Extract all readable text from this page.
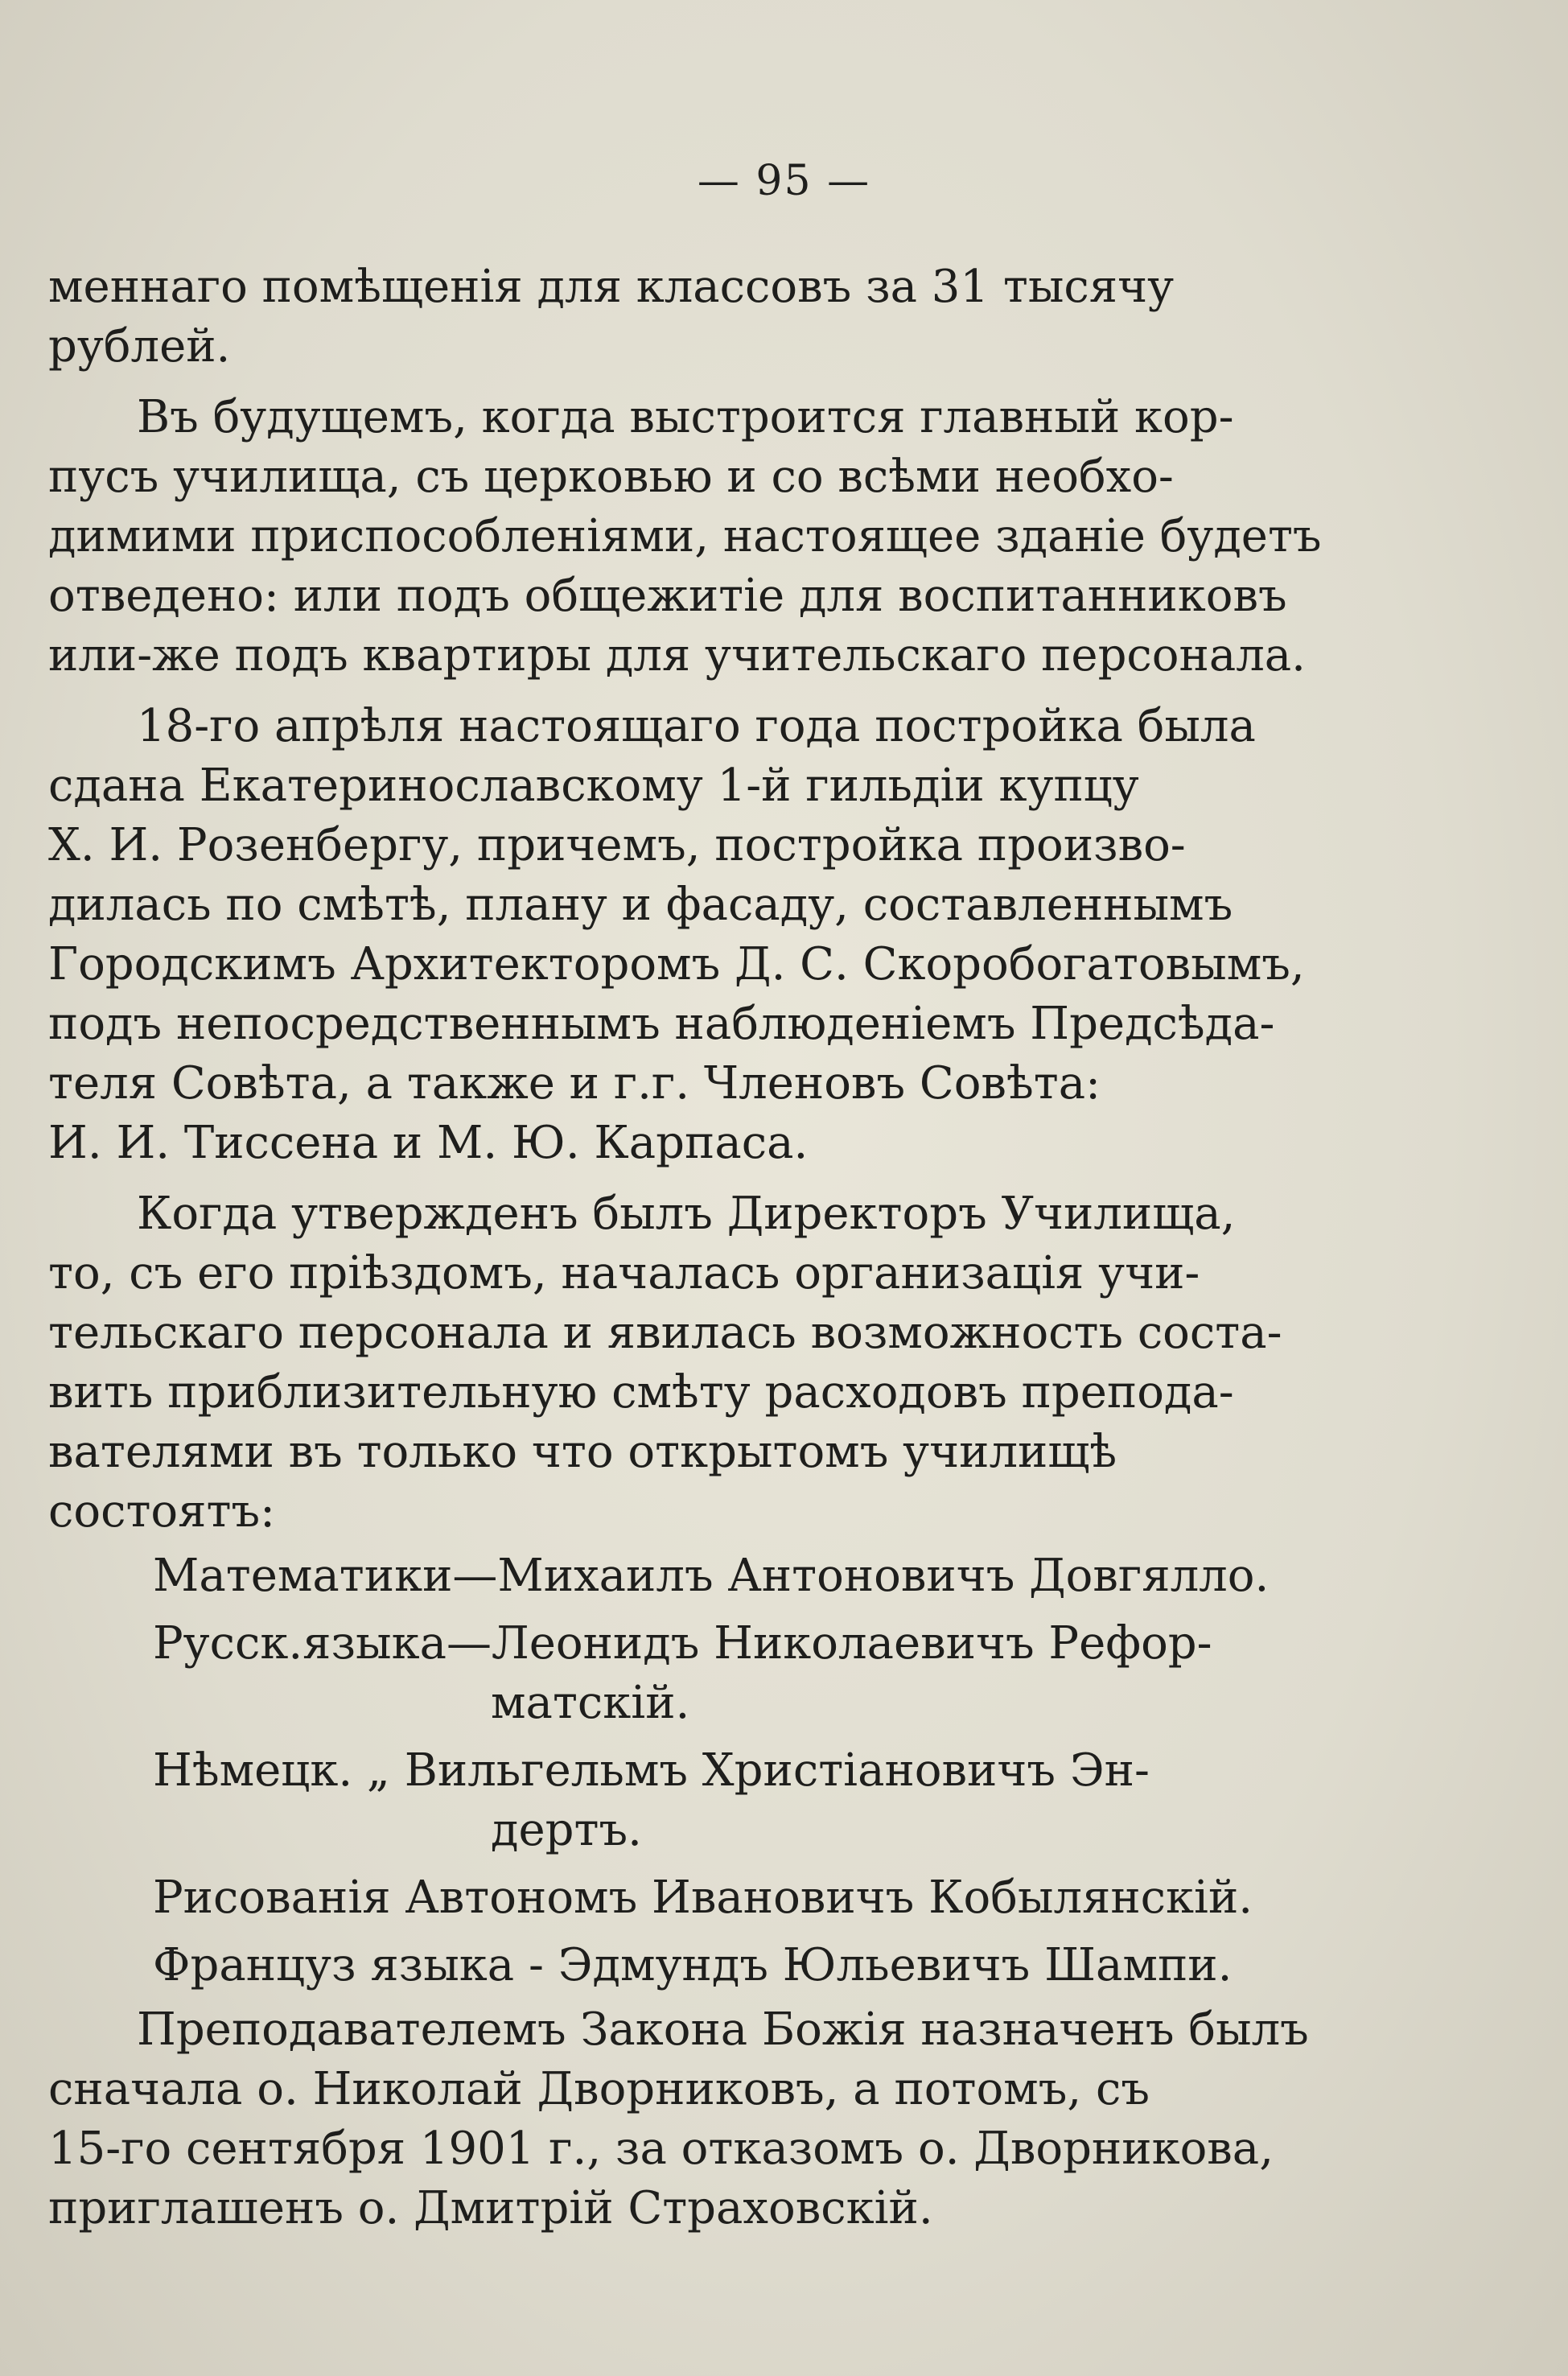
— 95 —

меннаго помѣщенія для классовъ за 31 тысячу
рублей.

Въ будущемъ, когда выстроится главный кор-
пусъ училища, съ церковью и со всѣми необхо-
димими приспособленіями, настоящее зданіе будетъ
отведено: или подъ общежитіе для воспитанниковъ
или-же подъ квартиры для учительскаго персонала.

18-го апрѣля настоящаго года постройка была
сдана Екатеринославскому 1-й гильдіи купцу
Х. И. Розенбергу, причемъ, постройка произво-
дилась по смѣтѣ, плану и фасаду, составленнымъ
Городскимъ Архитекторомъ Д. С. Скоробогатовымъ,
подъ непосредственнымъ наблюденіемъ Предсѣда-
теля Совѣта, а также и г.г. Членовъ Совѣта:
И. И. Тиссена и М. Ю. Карпаса.

Когда утвержденъ былъ Директоръ Училища,
то, съ его пріѣздомъ, началась организація учи-
тельскаго персонала и явилась возможность соста-
вить приблизительную смѣту расходовъ препода-
вателями въ только что открытомъ училищѣ
состоятъ:

Математики—Михаилъ Антоновичъ Довгялло.
Русск.языка—Леонидъ Николаевичъ Рефор-
матскій.
Нѣмецк. „ Вильгельмъ Христіановичъ Эн-
дертъ.
Рисованія Автономъ Ивановичъ Кобылянскій.
Француз языка - Эдмундъ Юльевичъ Шампи.

Преподавателемъ Закона Божія назначенъ былъ
сначала о. Николай Дворниковъ, а потомъ, съ
15-го сентября 1901 г., за отказомъ о. Дворникова,
приглашенъ о. Дмитрій Страховскій.
